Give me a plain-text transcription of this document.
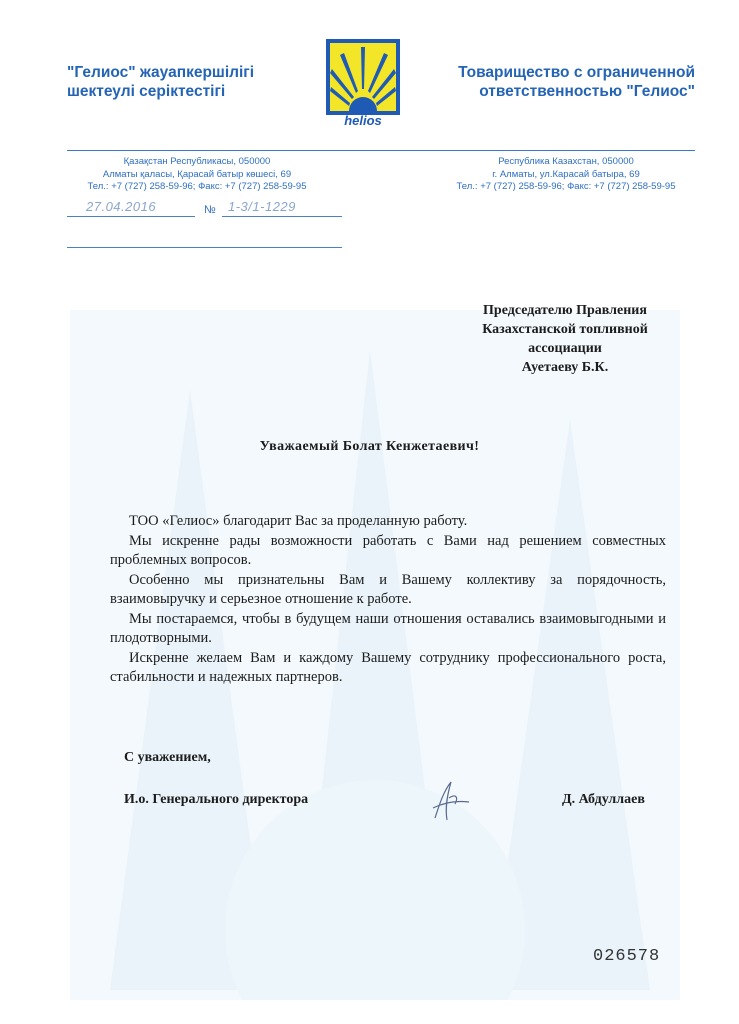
"Гелиос" жауапкершілігі
шектеулі серіктестігі
Товарищество с ограниченной
ответственностью "Гелиос"
helios
Қазақстан Республикасы, 050000
Алматы қаласы, Қарасай батыр көшесі, 69
Тел.: +7 (727) 258-59-96; Факс: +7 (727) 258-59-95
Республика Казахстан, 050000
г. Алматы, ул.Карасай батыра, 69
Тел.: +7 (727) 258-59-96; Факс: +7 (727) 258-59-95
27.04.2016	№ 1-3/1-1229
Председателю Правления
Казахстанской топливной
ассоциации
Ауетаеву Б.К.
Уважаемый Болат Кенжетаевич!

ТОО «Гелиос» благодарит Вас за проделанную работу.

Мы искренне рады возможности работать с Вами над решением совместных проблемных вопросов.

Особенно мы признательны Вам и Вашему коллективу за порядочность, взаимовыручку и серьезное отношение к работе.

Мы постараемся, чтобы в будущем наши отношения оставались взаимовыгодными и плодотворными.

Искренне желаем Вам и каждому Вашему сотруднику профессионального роста, стабильности и надежных партнеров.

С уважением,
И.о. Генерального директора	Д. Абдуллаев
026578
